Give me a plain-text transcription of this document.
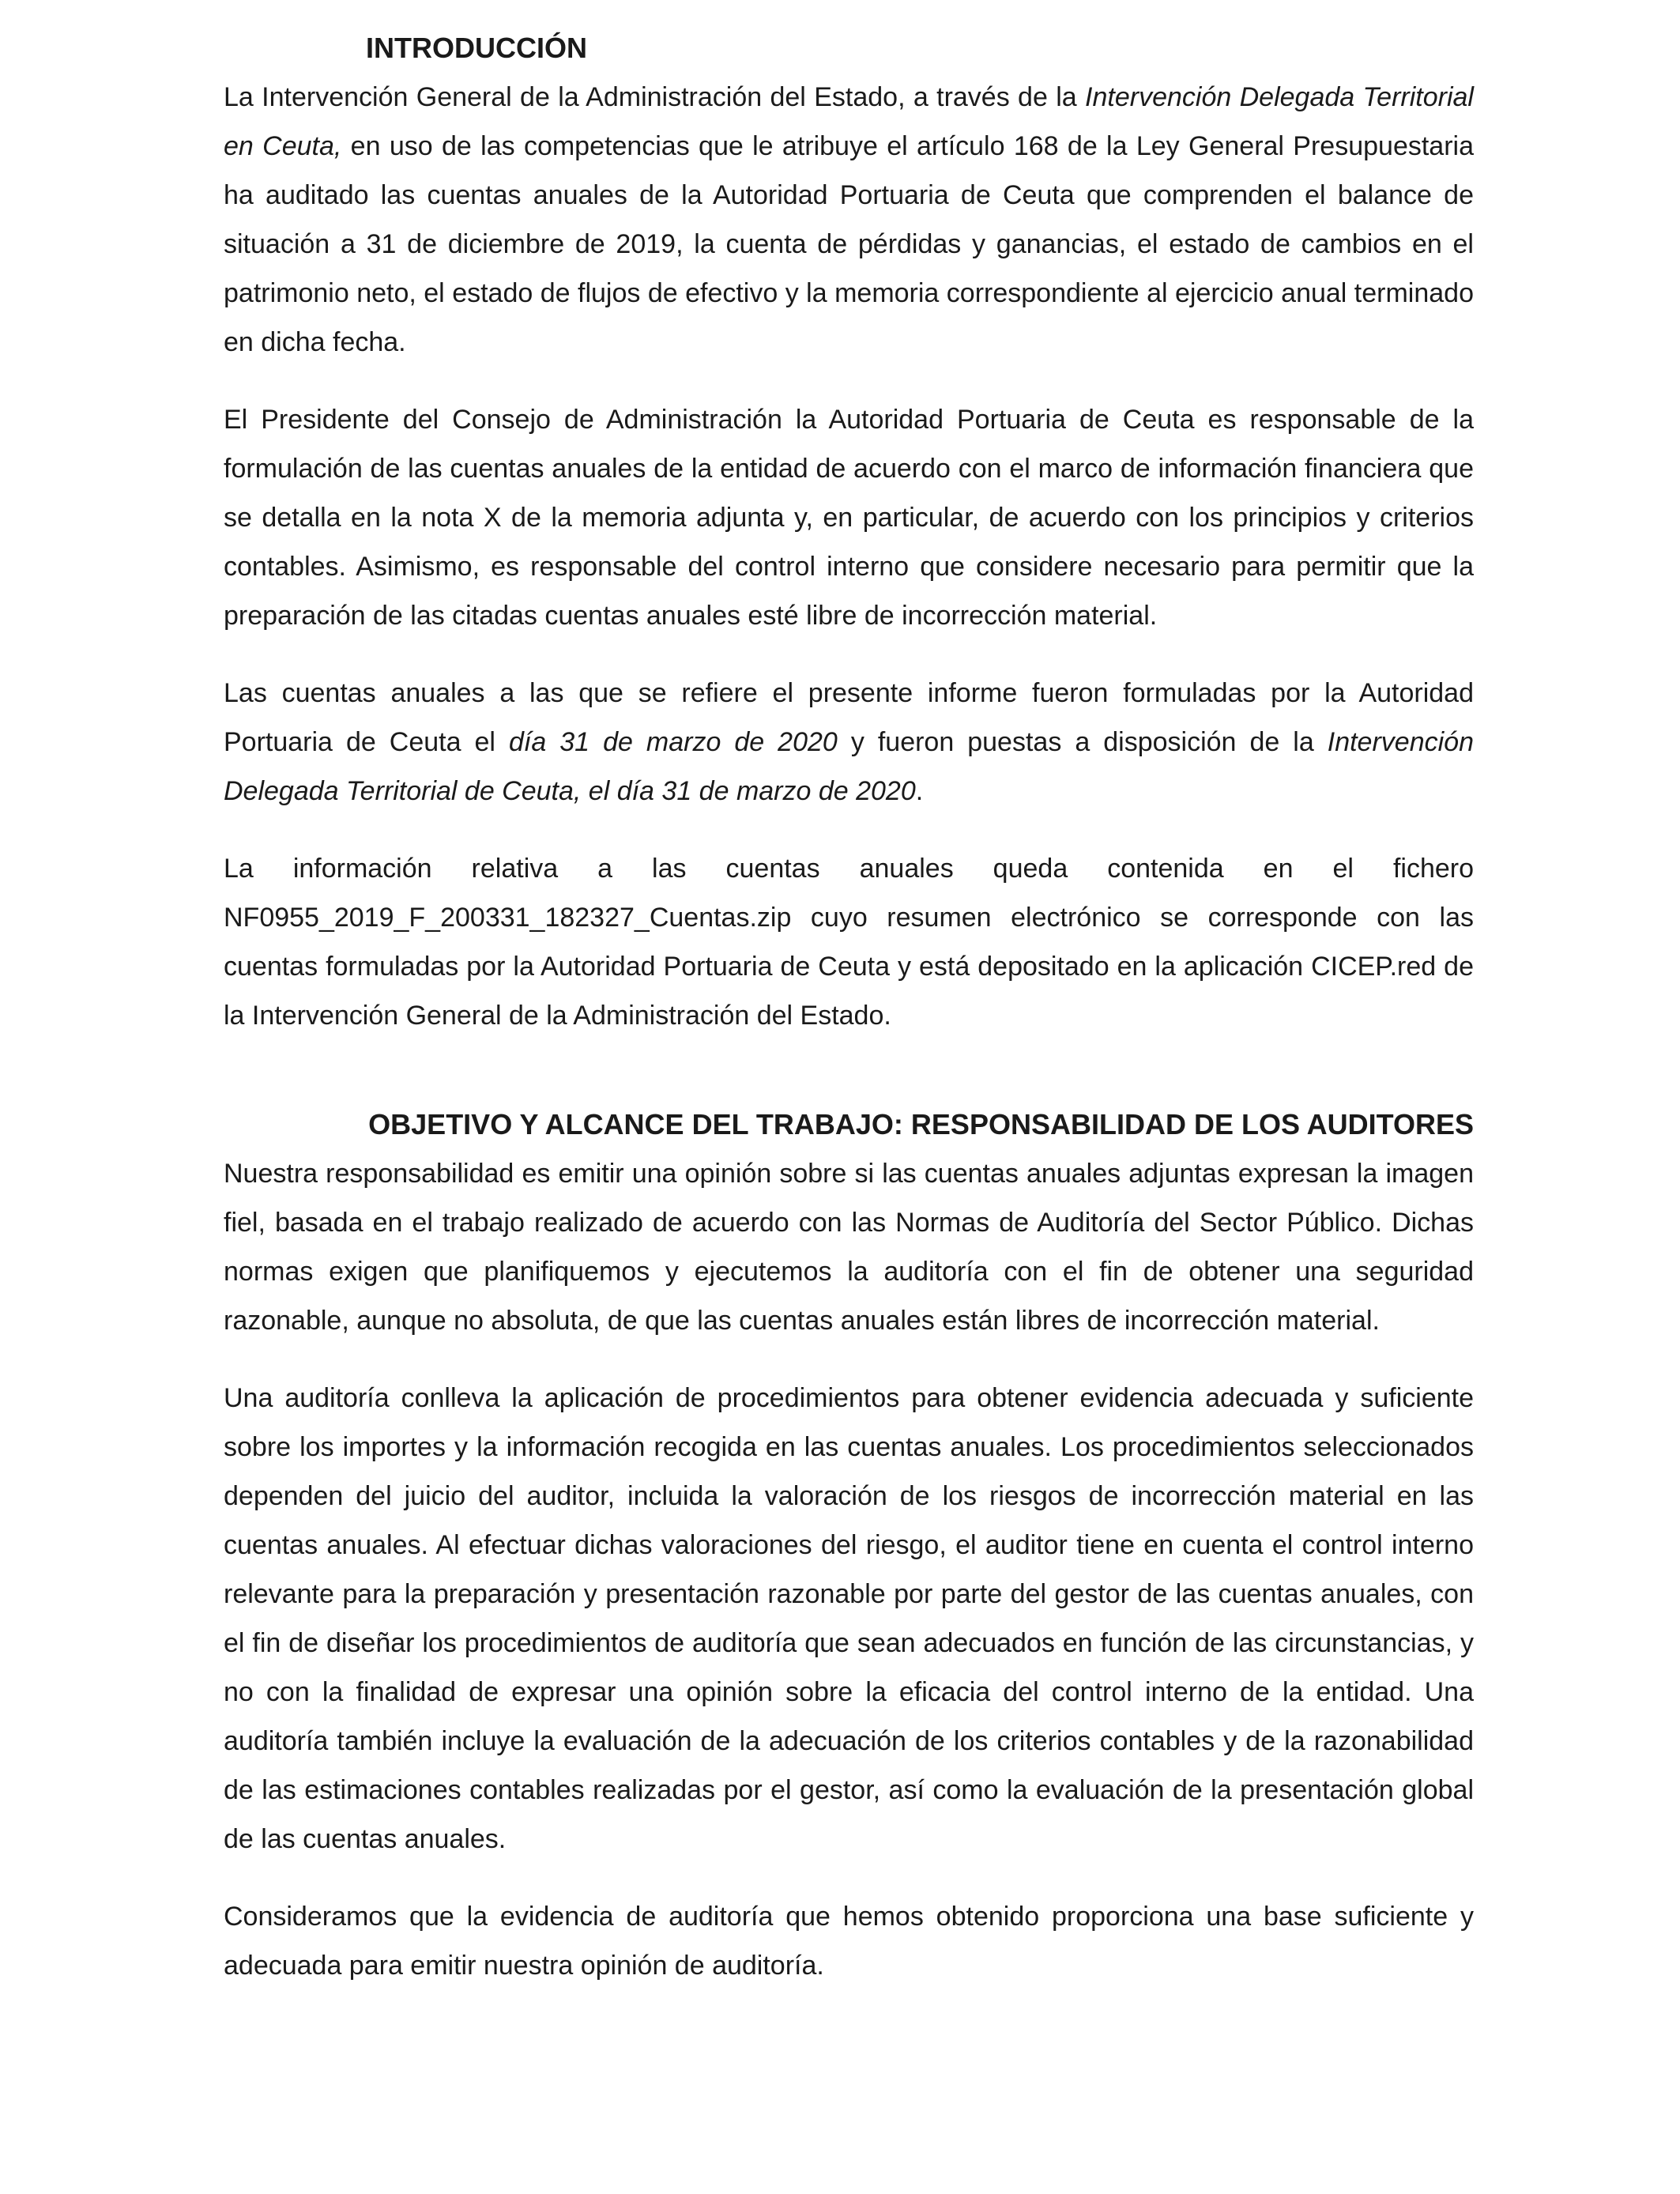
INTRODUCCIÓN

La Intervención General de la Administración del Estado, a través de la Intervención Delegada Territorial en Ceuta, en uso de las competencias que le atribuye el artículo 168 de la Ley General Presupuestaria ha auditado las cuentas anuales de la Autoridad Portuaria de Ceuta que comprenden el balance de situación a 31 de diciembre de 2019, la cuenta de pérdidas y ganancias, el estado de cambios en el patrimonio neto, el estado de flujos de efectivo y la memoria correspondiente al ejercicio anual terminado en dicha fecha.

El Presidente del Consejo de Administración la Autoridad Portuaria de Ceuta es responsable de la formulación de las cuentas anuales de la entidad de acuerdo con el marco de información financiera que se detalla en la nota X de la memoria adjunta y, en particular, de acuerdo con los principios y criterios contables. Asimismo, es responsable del control interno que considere necesario para permitir que la preparación de las citadas cuentas anuales esté libre de incorrección material.

Las cuentas anuales a las que se refiere el presente informe fueron formuladas por la Autoridad Portuaria de Ceuta el día 31 de marzo de 2020 y fueron puestas a disposición de la Intervención Delegada Territorial de Ceuta, el día 31 de marzo de 2020.

La información relativa a las cuentas anuales queda contenida en el fichero NF0955_2019_F_200331_182327_Cuentas.zip cuyo resumen electrónico se corresponde con las cuentas formuladas por la Autoridad Portuaria de Ceuta y está depositado en la aplicación CICEP.red de la Intervención General de la Administración del Estado.

OBJETIVO Y ALCANCE DEL TRABAJO: RESPONSABILIDAD DE LOS AUDITORES

Nuestra responsabilidad es emitir una opinión sobre si las cuentas anuales adjuntas expresan la imagen fiel, basada en el trabajo realizado de acuerdo con las Normas de Auditoría del Sector Público. Dichas normas exigen que planifiquemos y ejecutemos la auditoría con el fin de obtener una seguridad razonable, aunque no absoluta, de que las cuentas anuales están libres de incorrección material.

Una auditoría conlleva la aplicación de procedimientos para obtener evidencia adecuada y suficiente sobre los importes y la información recogida en las cuentas anuales. Los procedimientos seleccionados dependen del juicio del auditor, incluida la valoración de los riesgos de incorrección material en las cuentas anuales. Al efectuar dichas valoraciones del riesgo, el auditor tiene en cuenta el control interno relevante para la preparación y presentación razonable por parte del gestor de las cuentas anuales, con el fin de diseñar los procedimientos de auditoría que sean adecuados en función de las circunstancias, y no con la finalidad de expresar una opinión sobre la eficacia del control interno de la entidad. Una auditoría también incluye la evaluación de la adecuación de los criterios contables y de la razonabilidad de las estimaciones contables realizadas por el gestor, así como la evaluación de la presentación global de las cuentas anuales.

Consideramos que la evidencia de auditoría que hemos obtenido proporciona una base suficiente y adecuada para emitir nuestra opinión de auditoría.
